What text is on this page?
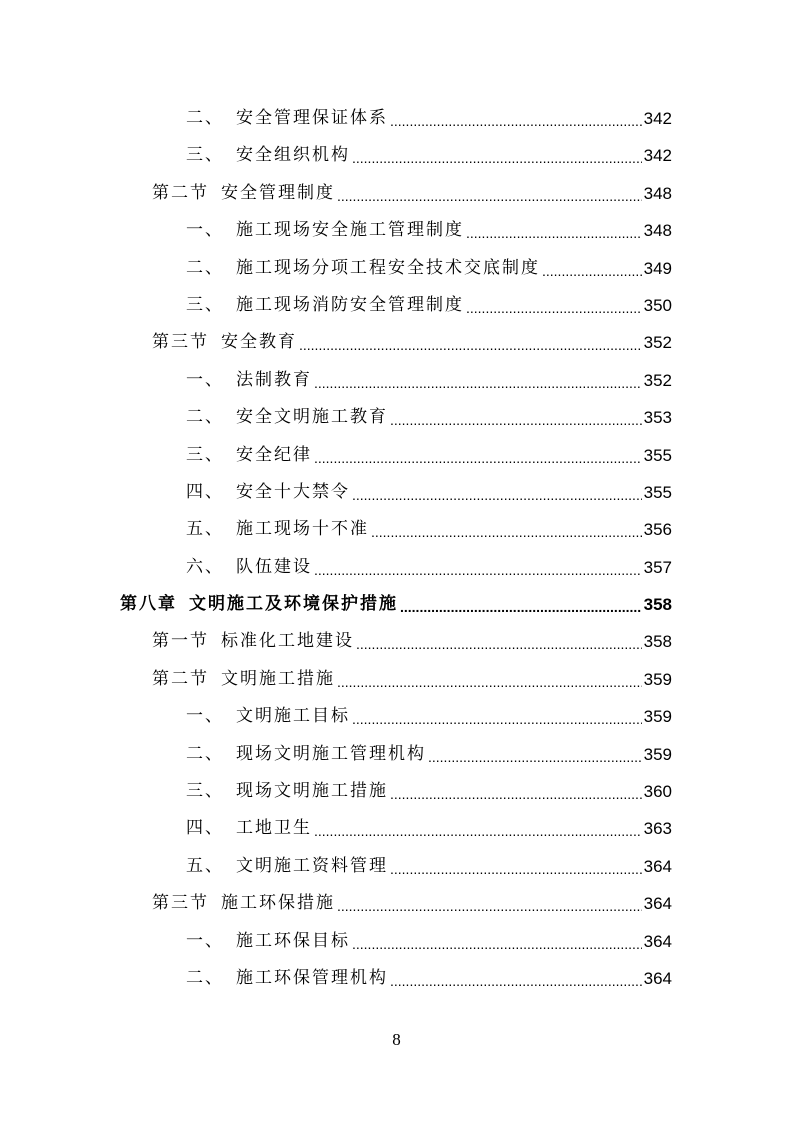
二、 安全管理保证体系 .....	342
三、 安全组织机构 .....	342
第二节 安全管理制度 .....	348
一、 施工现场安全施工管理制度 .....	348
二、 施工现场分项工程安全技术交底制度 .....	349
三、 施工现场消防安全管理制度 .....	350
第三节 安全教育 .....	352
一、 法制教育 .....	352
二、 安全文明施工教育 .....	353
三、 安全纪律 .....	355
四、 安全十大禁令 .....	355
五、 施工现场十不准 .....	356
六、 队伍建设 .....	357
第八章 文明施工及环境保护措施 .....	358
第一节 标准化工地建设 .....	358
第二节 文明施工措施 .....	359
一、 文明施工目标 .....	359
二、 现场文明施工管理机构 .....	359
三、 现场文明施工措施 .....	360
四、 工地卫生 .....	363
五、 文明施工资料管理 .....	364
第三节 施工环保措施 .....	364
一、 施工环保目标 .....	364
二、 施工环保管理机构 .....	364
8
